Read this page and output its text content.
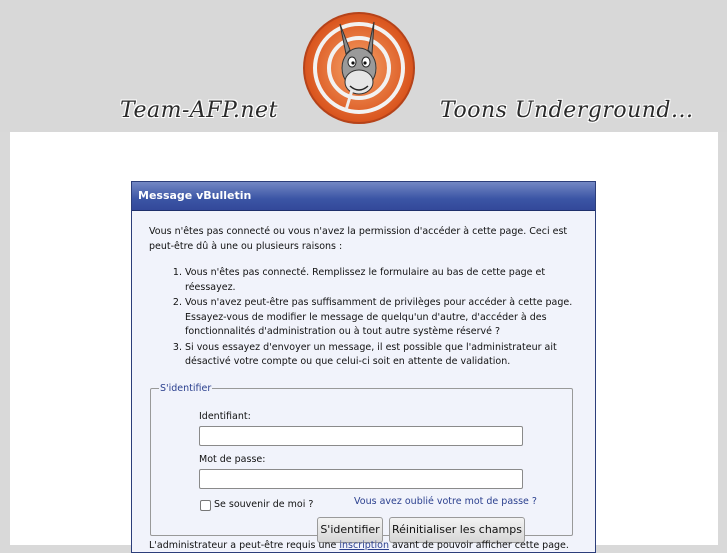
Team-AFP.net	Toons Underground...
Message vBulletin

Vous n'êtes pas connecté ou vous n'avez la permission d'accéder à cette page. Ceci est peut-être dû à une ou plusieurs raisons :

1. Vous n'êtes pas connecté. Remplissez le formulaire au bas de cette page et réessayez.
2. Vous n'avez peut-être pas suffisamment de privilèges pour accéder à cette page. Essayez-vous de modifier le message de quelqu'un d'autre, d'accéder à des fonctionnalités d'administration ou à tout autre système réservé ?
3. Si vous essayez d'envoyer un message, il est possible que l'administrateur ait désactivé votre compte ou que celui-ci soit en attente de validation.
S'identifier
Identifiant:
Mot de passe:
Se souvenir de moi ?	Vous avez oublié votre mot de passe ?
S'identifier	Réinitialiser les champs
L'administrateur a peut-être requis une inscription avant de pouvoir afficher cette page.
